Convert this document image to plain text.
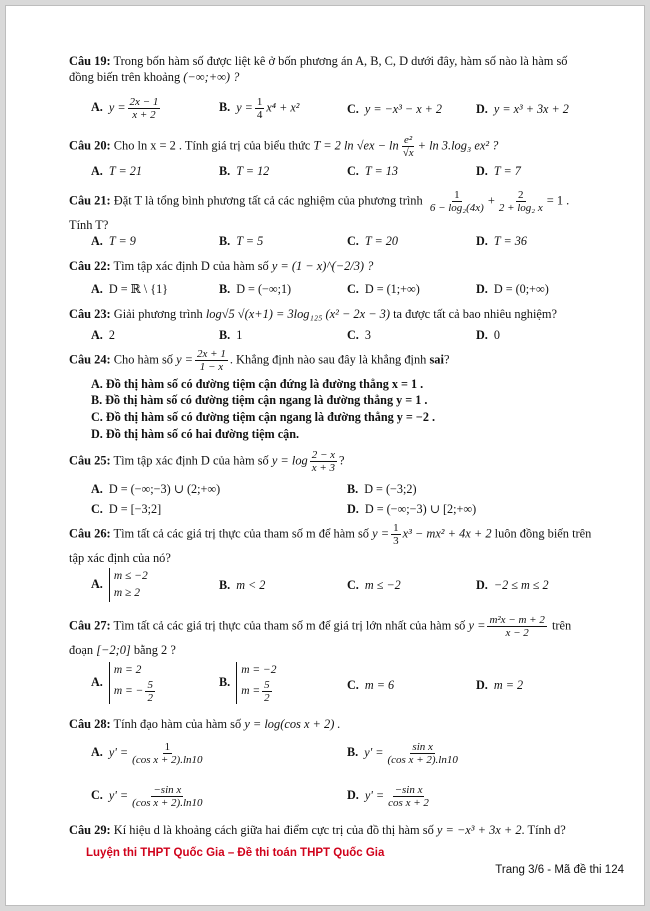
Câu 19: Trong bốn hàm số được liệt kê ở bốn phương án A, B, C, D dưới đây, hàm số nào là hàm số
đồng biến trên khoảng (−∞;+∞) ?
A. $y = \frac{2x - 1}{x + 2}$	B. $y = \frac{1}{4} x^4 + x^2$	C. y = −x³ − x + 2	D. y = x³ + 3x + 2
Câu 20: Cho ln x = 2 . Tính giá trị của biểu thức T = 2 $\ln √ex - \ln \frac{\text{e²}}{√x} + \ln 3.\log_3$ ex² ?
A. T = 21	B. T = 12	C. T = 13	D. T = 7
Câu 21: Đặt T là tổng bình phương tất cả các nghiệm của phương trình $\frac{1}{\text{6 − log₂(4x)}} + \frac{2}{\text{2 + log₂ x}} = 1$ .
Tính T?
A. T = 9	B. T = 5	C. T = 20	D. T = 36
Câu 22: Tìm tập xác định D của hàm số y = (1 − x)^(−2/3) ?
A. D = ℝ \ {1}	B. D = (−∞;1)	C. D = (1;+∞)	D. D = (0;+∞)
Câu 23: Giải phương trình log√5 √(x+1) = 3log₁₂₅ (x² − 2x − 3) ta được tất cả bao nhiêu nghiệm?
A. 2	B. 1	C. 3	D. 0
Câu 24: Cho hàm số $y = \frac{2x + 1}{1 - x}$ . Khẳng định nào sau đây là khẳng định sai?
A. Đồ thị hàm số có đường tiệm cận đứng là đường thẳng x = 1 .
B. Đồ thị hàm số có đường tiệm cận ngang là đường thẳng y = 1 .
C. Đồ thị hàm số có đường tiệm cận ngang là đường thẳng y = −2 .
D. Đồ thị hàm số có hai đường tiệm cận.
Câu 25: Tìm tập xác định D của hàm số $y = \log \frac{2 - x}{x + 3}$ ?
A. D = (−∞;−3) ∪ (2;+∞)	B. D = (−3;2)
C. D = [−3;2]	D. D = (−∞;−3) ∪ [2;+∞)
Câu 26: Tìm tất cả các giá trị thực của tham số m để hàm số $y = \frac{1}{3} x^3 - mx^2 + 4x + 2$ luôn đồng biến trên
tập xác định của nó?
A.
m ≤ −2
m ≥ 2
B. m < 2	C. m ≤ −2	D. −2 ≤ m ≤ 2
Câu 27: Tìm tất cả các giá trị thực của tham số m để giá trị lớn nhất của hàm số $y = \frac{\text{m²x − m + 2}}{x - 2}$ trên
đoạn [−2;0] bằng 2 ?
A.
m = 2
m = − $\frac{5}{2}$	B.
m = −2
$m = \frac{5}{2}$	C. m = 6	D. m = 2
Câu 28: Tính đạo hàm của hàm số y = log(cos x + 2) .
A. $y' = \frac{1}{\text{(cos x + 2).ln10}}$	B. $y' = \frac{\text{sin x}}{\text{(cos x + 2).ln10}}$
C. $y' = \frac{\text{−sin x}}{\text{(cos x + 2).ln10}}$	D. $y' = \frac{\text{−sin x}}{\text{cos x + 2}}$
Câu 29: Kí hiệu d là khoảng cách giữa hai điểm cực trị của đồ thị hàm số y = −x³ + 3x + 2. Tính d?
Luyện thi THPT Quốc Gia – Đề thi toán THPT Quốc Gia
Trang 3/6 - Mã đề thi 124
